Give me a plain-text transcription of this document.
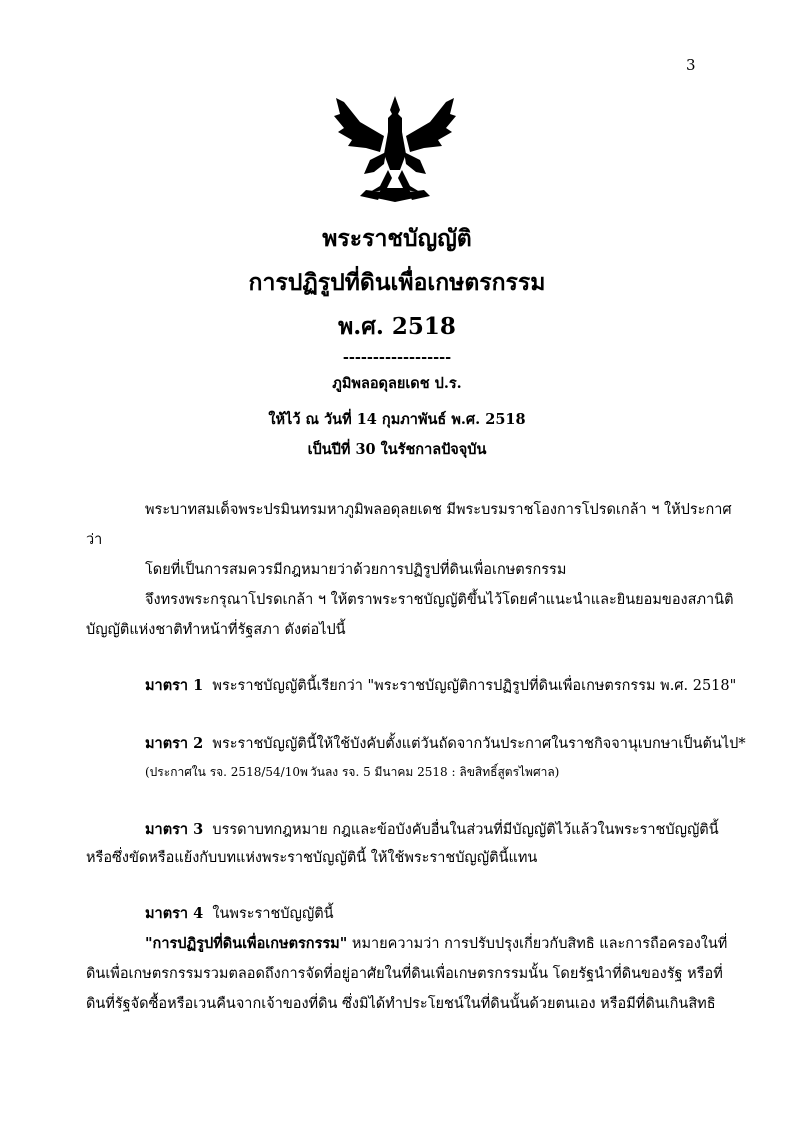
3
พระราชบัญญัติ
การปฏิรูปที่ดินเพื่อเกษตรกรรม
พ.ศ. 2518
------------------
ภูมิพลอดุลยเดช ป.ร.
ให้ไว้ ณ วันที่ 14 กุมภาพันธ์ พ.ศ. 2518
เป็นปีที่ 30 ในรัชกาลปัจจุบัน
พระบาทสมเด็จพระปรมินทรมหาภูมิพลอดุลยเดช มีพระบรมราชโองการโปรดเกล้า ฯ ให้ประกาศ
ว่า
โดยที่เป็นการสมควรมีกฎหมายว่าด้วยการปฏิรูปที่ดินเพื่อเกษตรกรรม
จึงทรงพระกรุณาโปรดเกล้า ฯ ให้ตราพระราชบัญญัติขึ้นไว้โดยคำแนะนำและยินยอมของสภานิติ
บัญญัติแห่งชาติทำหน้าที่รัฐสภา ดังต่อไปนี้
มาตรา 1 พระราชบัญญัตินี้เรียกว่า "พระราชบัญญัติการปฏิรูปที่ดินเพื่อเกษตรกรรม พ.ศ. 2518"
มาตรา 2 พระราชบัญญัตินี้ให้ใช้บังคับตั้งแต่วันถัดจากวันประกาศในราชกิจจานุเบกษาเป็นต้นไป*
(ประกาศใน รจ. 2518/54/10พ วันลง รจ. 5 มีนาคม 2518 : ลิขสิทธิ์สูตรไพศาล)
มาตรา 3 บรรดาบทกฎหมาย กฎและข้อบังคับอื่นในส่วนที่มีบัญญัติไว้แล้วในพระราชบัญญัตินี้
หรือซึ่งขัดหรือแย้งกับบทแห่งพระราชบัญญัตินี้ ให้ใช้พระราชบัญญัตินี้แทน
มาตรา 4 ในพระราชบัญญัตินี้
"การปฏิรูปที่ดินเพื่อเกษตรกรรม" หมายความว่า การปรับปรุงเกี่ยวกับสิทธิ และการถือครองในที่
ดินเพื่อเกษตรกรรมรวมตลอดถึงการจัดที่อยู่อาศัยในที่ดินเพื่อเกษตรกรรมนั้น โดยรัฐนำที่ดินของรัฐ หรือที่
ดินที่รัฐจัดซื้อหรือเวนคืนจากเจ้าของที่ดิน ซึ่งมิได้ทำประโยชน์ในที่ดินนั้นด้วยตนเอง หรือมีที่ดินเกินสิทธิ
